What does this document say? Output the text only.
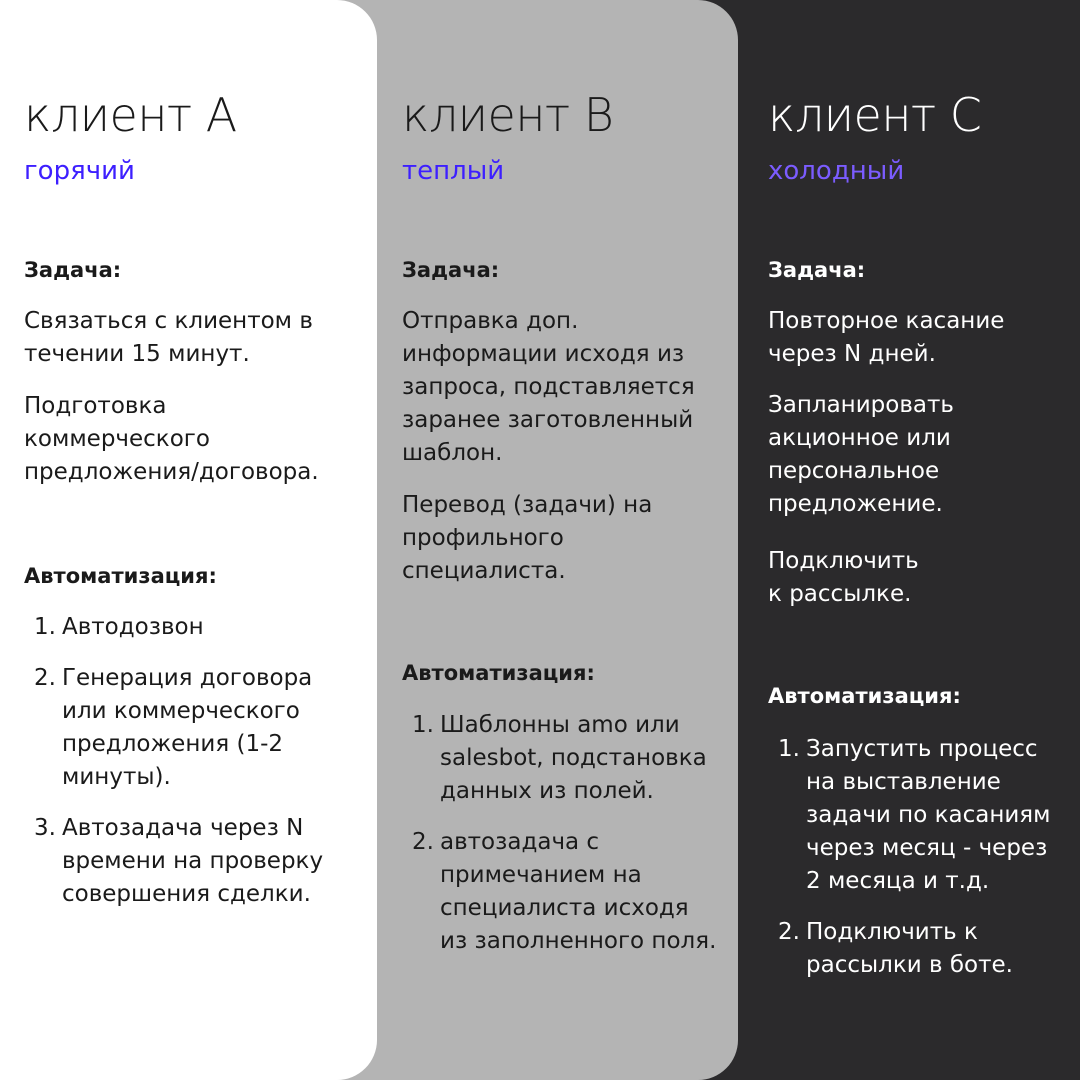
клиент С
холодный
Задача:

Повторное касание через N дней.

Запланировать акционное или персональное предложение.

Подключить к рассылке.

Автоматизация:
1. Запустить процесс на выставление задачи по касаниям через месяц - через 2 месяца и т.д.
2. Подключить к рассылки в боте.
клиент В
теплый
Задача:

Отправка доп. информации исходя из запроса, подставляется заранее заготовленный шаблон.

Перевод (задачи) на профильного специалиста.

Автоматизация:
1. Шаблонны amo или salesbot, подстановка данных из полей.
2. автозадача с примечанием на специалиста исходя из заполненного поля.
клиент А
горячий
Задача:

Связаться с клиентом в течении 15 минут.

Подготовка коммерческого предложения/договора.

Автоматизация:
1. Автодозвон
2. Генерация договора или коммерческого предложения (1-2 минуты).
3. Автозадача через N времени на проверку совершения сделки.
